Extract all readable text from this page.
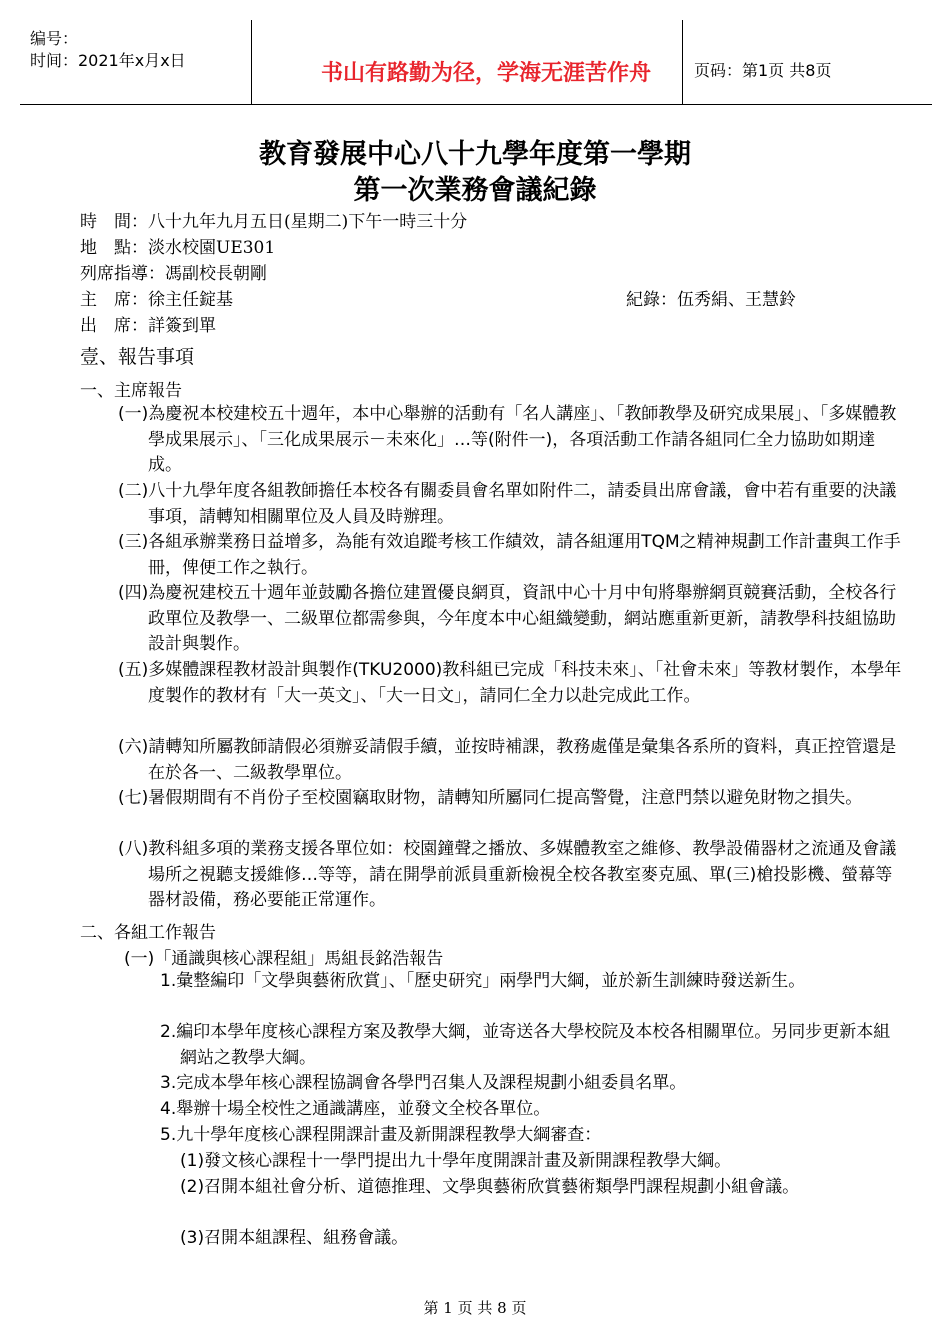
编号：
时间：2021年x月x日
书山有路勤为径，学海无涯苦作舟	页码：第1页 共8页
教育發展中心八十九學年度第一學期
第一次業務會議紀錄
時　間：八十九年九月五日(星期二)下午一時三十分
地　點：淡水校園UE301
列席指導：馮副校長朝剛
主　席：徐主任錠基	紀錄：伍秀絹、王慧鈴
出　席：詳簽到單
壹、報告事項
一、主席報告
(一)為慶祝本校建校五十週年，本中心舉辦的活動有「名人講座」、「教師教學及研究成果展」、「多媒體教學成果展示」、「三化成果展示－未來化」…等(附件一)，各項活動工作請各組同仁全力協助如期達成。
(二)八十九學年度各組教師擔任本校各有關委員會名單如附件二，請委員出席會議，會中若有重要的決議事項，請轉知相關單位及人員及時辦理。
(三)各組承辦業務日益增多，為能有效追蹤考核工作績效，請各組運用TQM之精神規劃工作計畫與工作手冊，俾便工作之執行。
(四)為慶祝建校五十週年並鼓勵各擔位建置優良網頁，資訊中心十月中旬將舉辦網頁競賽活動，全校各行政單位及教學一、二級單位都需參與，今年度本中心組織變動，網站應重新更新，請教學科技組協助設計與製作。
(五)多媒體課程教材設計與製作(TKU2000)教科組已完成「科技未來」、「社會未來」等教材製作，本學年度製作的教材有「大一英文」、「大一日文」，請同仁全力以赴完成此工作。
(六)請轉知所屬教師請假必須辦妥請假手續，並按時補課，教務處僅是彙集各系所的資料，真正控管還是在於各一、二級教學單位。
(七)暑假期間有不肖份子至校園竊取財物，請轉知所屬同仁提高警覺，注意門禁以避免財物之損失。
(八)教科組多項的業務支援各單位如：校園鐘聲之播放、多媒體教室之維修、教學設備器材之流通及會議場所之視聽支援維修…等等，請在開學前派員重新檢視全校各教室麥克風、單(三)槍投影機、螢幕等器材設備，務必要能正常運作。
二、各組工作報告
(一)「通識與核心課程組」馬組長銘浩報告
1.彙整編印「文學與藝術欣賞」、「歷史研究」兩學門大綱，並於新生訓練時發送新生。
2.編印本學年度核心課程方案及教學大綱，並寄送各大學校院及本校各相關單位。另同步更新本組網站之教學大綱。
3.完成本學年核心課程協調會各學門召集人及課程規劃小組委員名單。
4.舉辦十場全校性之通識講座，並發文全校各單位。
5.九十學年度核心課程開課計畫及新開課程教學大綱審查：
(1)發文核心課程十一學門提出九十學年度開課計畫及新開課程教學大綱。
(2)召開本組社會分析、道德推理、文學與藝術欣賞藝術類學門課程規劃小組會議。
(3)召開本組課程、組務會議。
第 1 页 共 8 页
